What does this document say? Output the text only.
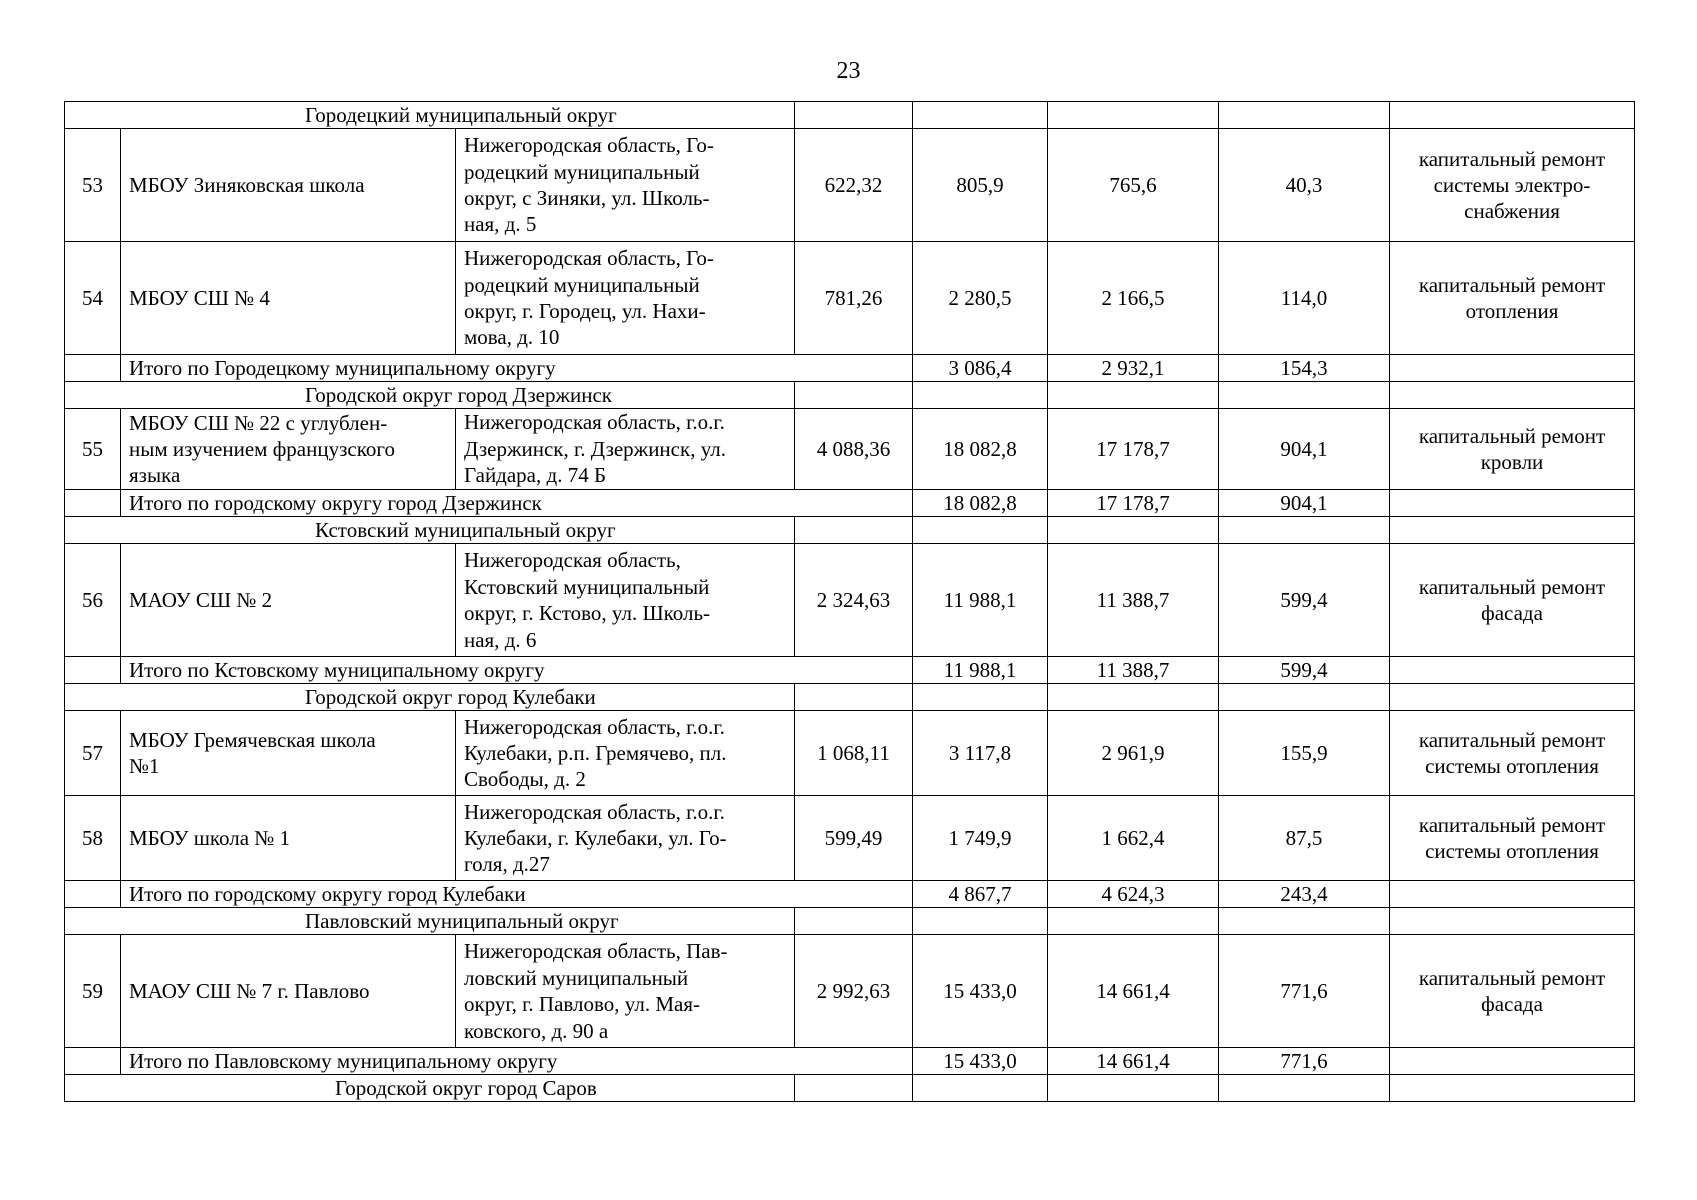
23
Городецкий муниципальный округ							
53	МБОУ Зиняковская школа	Нижегородская область, Го-
родецкий муниципальный
округ, с Зиняки, ул. Школь-
ная, д. 5	622,32	805,9	765,6	40,3	капитальный ремонт
системы электро-
снабжения
54	МБОУ СШ № 4	Нижегородская область, Го-
родецкий муниципальный
округ, г. Городец, ул. Нахи-
мова, д. 10	781,26	2 280,5	2 166,5	114,0	капитальный ремонт
отопления
	Итого по Городецкому муниципальному округу			3 086,4	2 932,1	154,3	
Городской округ город Дзержинск							
55	МБОУ СШ № 22 с углублен-
ным изучением французского
языка	Нижегородская область, г.о.г.
Дзержинск, г. Дзержинск, ул.
Гайдара, д. 74 Б	4 088,36	18 082,8	17 178,7	904,1	капитальный ремонт
кровли
	Итого по городскому округу город Дзержинск			18 082,8	17 178,7	904,1	
Кстовский муниципальный округ							
56	МАОУ СШ № 2	Нижегородская область,
Кстовский муниципальный
округ, г. Кстово, ул. Школь-
ная, д. 6	2 324,63	11 988,1	11 388,7	599,4	капитальный ремонт
фасада
	Итого по Кстовскому муниципальному округу			11 988,1	11 388,7	599,4	
Городской округ город Кулебаки							
57	МБОУ Гремячевская школа
№1	Нижегородская область, г.о.г.
Кулебаки, р.п. Гремячево, пл.
Свободы, д. 2	1 068,11	3 117,8	2 961,9	155,9	капитальный ремонт
системы отопления
58	МБОУ школа № 1	Нижегородская область, г.о.г.
Кулебаки, г. Кулебаки, ул. Го-
голя, д.27	599,49	1 749,9	1 662,4	87,5	капитальный ремонт
системы отопления
	Итого по городскому округу город Кулебаки			4 867,7	4 624,3	243,4	
Павловский муниципальный округ							
59	МАОУ СШ № 7 г. Павлово	Нижегородская область, Пав-
ловский муниципальный
округ, г. Павлово, ул. Мая-
ковского, д. 90 а	2 992,63	15 433,0	14 661,4	771,6	капитальный ремонт
фасада
	Итого по Павловскому муниципальному округу			15 433,0	14 661,4	771,6	
Городской округ город Саров							
